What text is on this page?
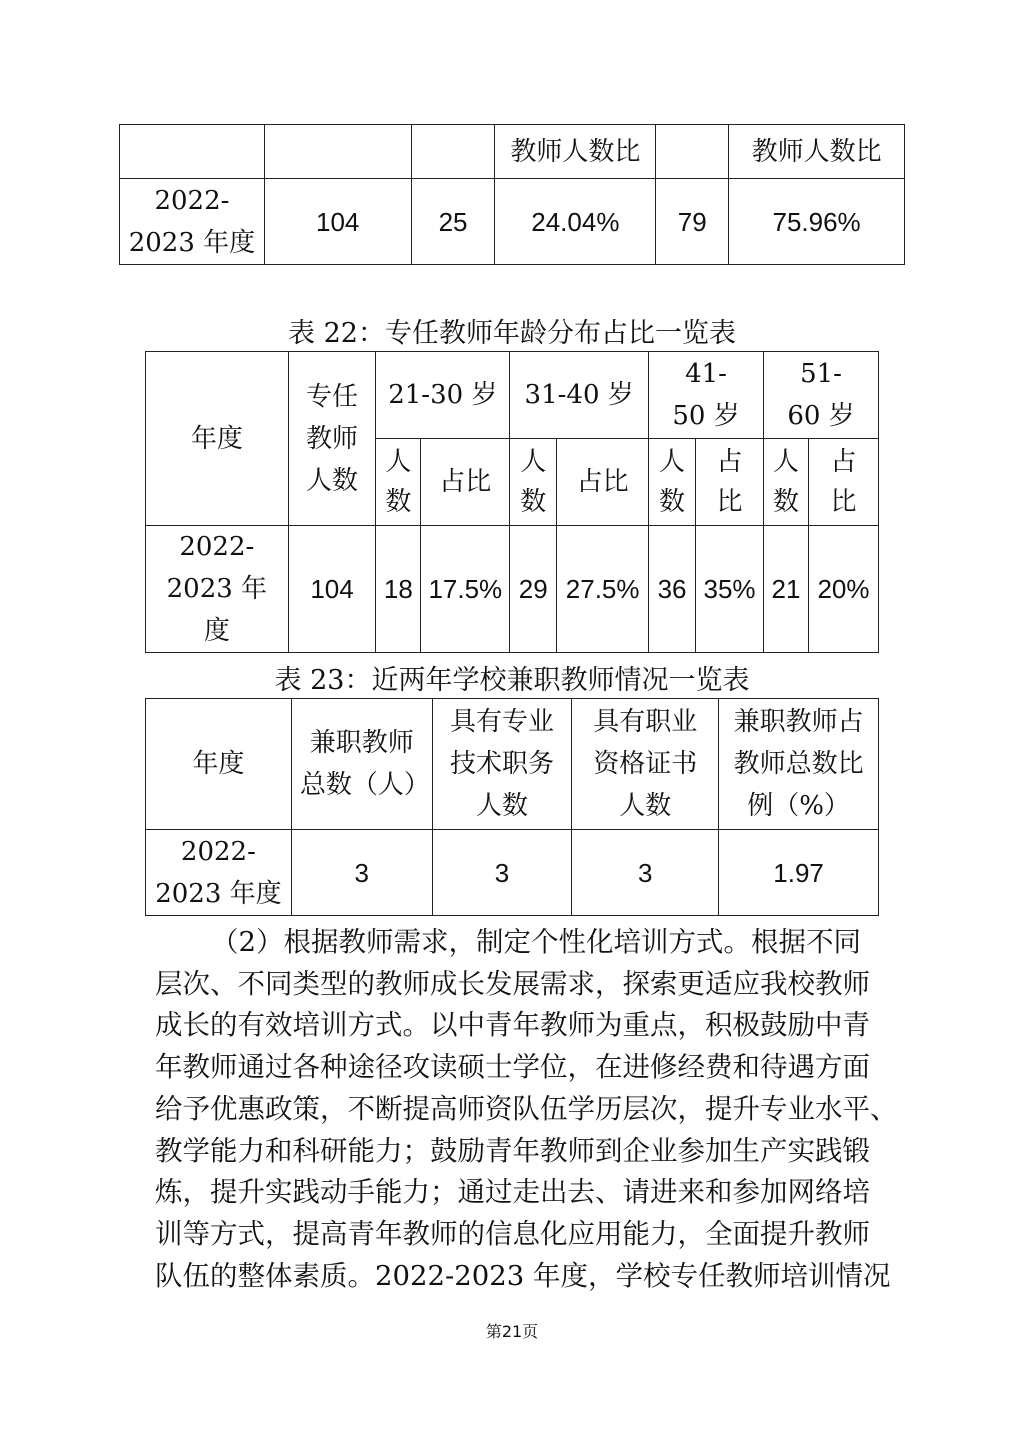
			教师人数比		教师人数比
2022-2023 年度	104	25	24.04%	79	75.96%
表 22：专任教师年龄分布占比一览表
年度	专任教师人数	21-30 岁		31-40 岁		41-50 岁		51-60 岁	
		人数	占比	人数	占比	人数	占比	人数	占比
2022-2023 年度	104	18	17.5%	29	27.5%	36	35%	21	20%
表 23：近两年学校兼职教师情况一览表
年度	兼职教师总数（人）	具有专业技术职务人数	具有职业资格证书人数	兼职教师占教师总数比例（%）
2022-2023 年度	3	3	3	1.97
（2）根据教师需求，制定个性化培训方式。根据不同
层次、不同类型的教师成长发展需求，探索更适应我校教师
成长的有效培训方式。以中青年教师为重点，积极鼓励中青
年教师通过各种途径攻读硕士学位，在进修经费和待遇方面
给予优惠政策，不断提高师资队伍学历层次，提升专业水平、
教学能力和科研能力；鼓励青年教师到企业参加生产实践锻
炼，提升实践动手能力；通过走出去、请进来和参加网络培
训等方式，提高青年教师的信息化应用能力，全面提升教师
队伍的整体素质。2022-2023 年度，学校专任教师培训情况
第21页
